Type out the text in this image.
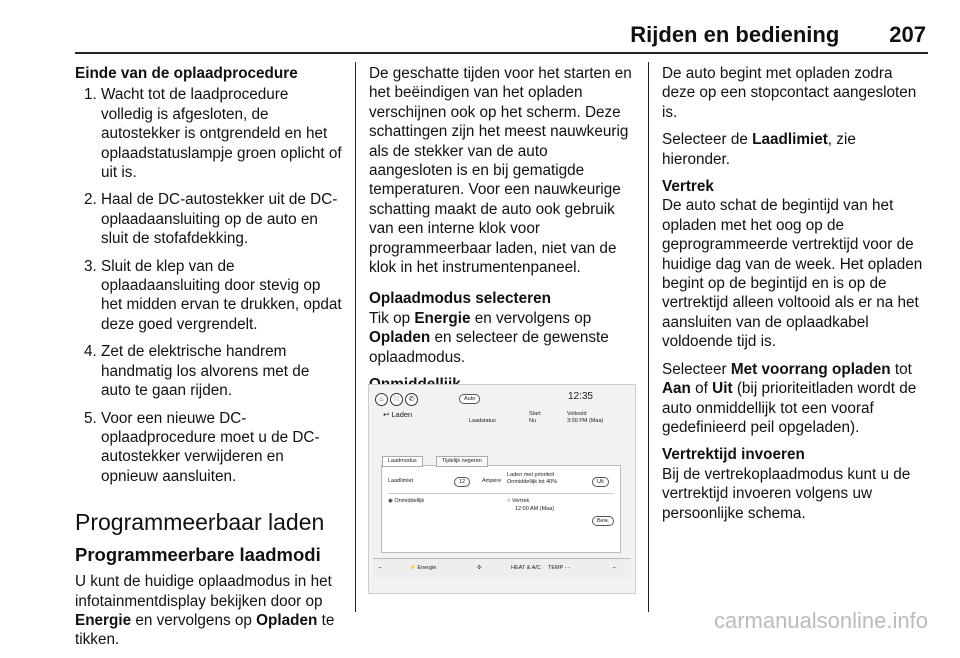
Rijden en bediening 207
Einde van de oplaadprocedure
1. Wacht tot de laadprocedure volledig is afgesloten, de autostekker is ontgrendeld en het oplaadstatuslampje groen oplicht of uit is.
2. Haal de DC-autostekker uit de DC-oplaadaansluiting op de auto en sluit de stofafdekking.
3. Sluit de klep van de oplaadaansluiting door stevig op het midden ervan te drukken, opdat deze goed vergrendelt.
4. Zet de elektrische handrem handmatig los alvorens met de auto te gaan rijden.
5. Voor een nieuwe DC-oplaadprocedure moet u de DC-autostekker verwijderen en opnieuw aansluiten.
Programmeerbaar laden
Programmeerbare laadmodi

U kunt de huidige oplaadmodus in het infotainmentdisplay bekijken door op Energie en vervolgens op Opladen te tikken.

De geschatte tijden voor het starten en het beëindigen van het opladen verschijnen ook op het scherm. Deze schattingen zijn het meest nauwkeurig als de stekker van de auto aangesloten is en bij gematigde temperaturen. Voor een nauwkeurige schatting maakt de auto ook gebruik van een interne klok voor programmeerbaar laden, niet van de klok in het instrumentenpaneel.

Oplaadmodus selecteren

Tik op Energie en vervolgens op Opladen en selecteer de gewenste oplaadmodus.

⌂	∷	✆	Auto	12:35
↩ Laden
Laadstatus
Start
Nu
Voltooid
3:00 PM (Maa)
Laadmodus	Tijdelijk negeren
Laadlimiet	12	Ampère
Laden met prioriteit
Onmiddellijk tot 40%	Uit
◉ Onmiddellijk	○ Vertrek
12:00 AM (Maa)
Bew.
⌐	⚡ Energie	✣	HEAT & A/C TEMP - -	⌐

De auto begint met opladen zodra deze op een stopcontact aangesloten is.

Selecteer de Laadlimiet, zie hieronder.

Vertrek

De auto schat de begintijd van het opladen met het oog op de geprogrammeerde vertrektijd voor de huidige dag van de week. Het opladen begint op de begintijd en is op de vertrektijd alleen voltooid als er na het aansluiten van de oplaadkabel voldoende tijd is.

Selecteer Met voorrang opladen tot Aan of Uit (bij prioriteitladen wordt de auto onmiddellijk tot een vooraf gedefinieerd peil opgeladen).

Vertrektijd invoeren

Bij de vertrekoplaadmodus kunt u de vertrektijd invoeren volgens uw persoonlijke schema.

carmanualsonline.info
